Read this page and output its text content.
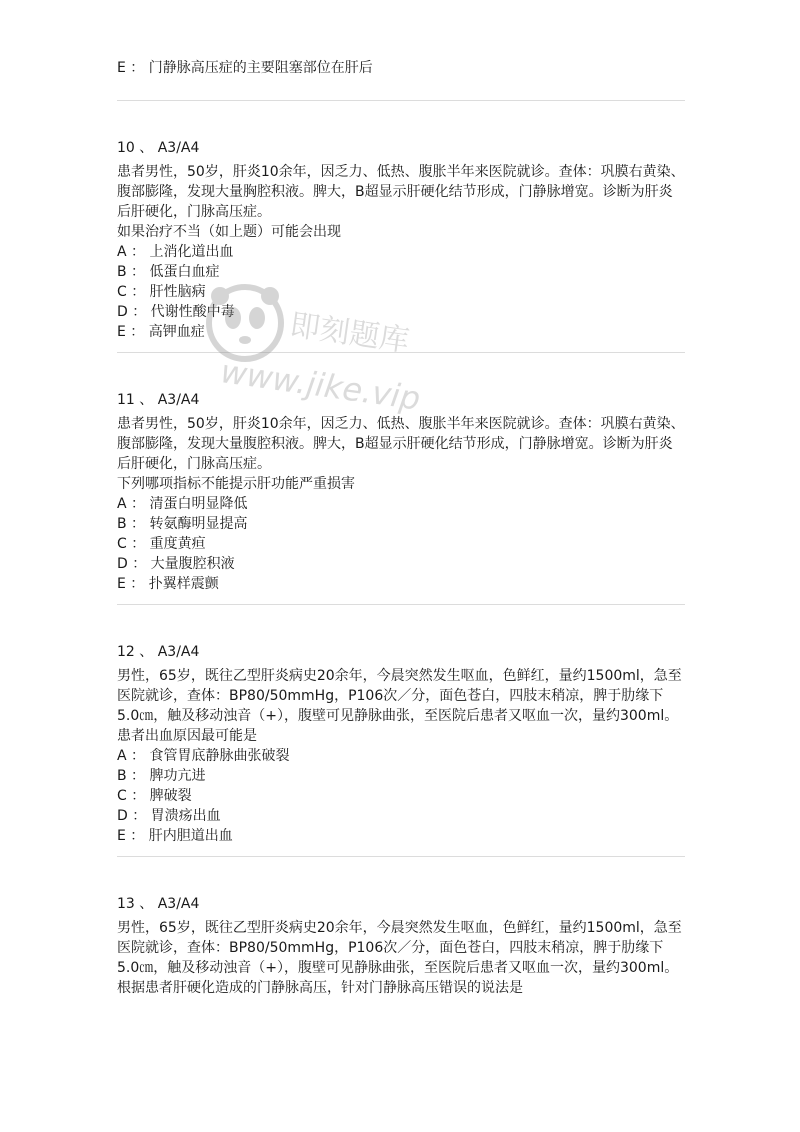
E ： 门静脉高压症的主要阻塞部位在肝后
10 、 A3/A4
患者男性，50岁，肝炎10余年，因乏力、低热、腹胀半年来医院就诊。查体：巩膜右黄染、腹部膨隆，发现大量胸腔积液。脾大，B超显示肝硬化结节形成，门静脉增宽。诊断为肝炎后肝硬化，门脉高压症。
如果治疗不当（如上题）可能会出现
A ： 上消化道出血
B ： 低蛋白血症
C ： 肝性脑病
D ： 代谢性酸中毒
E ： 高钾血症
11 、 A3/A4
患者男性，50岁，肝炎10余年，因乏力、低热、腹胀半年来医院就诊。查体：巩膜右黄染、腹部膨隆，发现大量腹腔积液。脾大，B超显示肝硬化结节形成，门静脉增宽。诊断为肝炎后肝硬化，门脉高压症。
下列哪项指标不能提示肝功能严重损害
A ： 清蛋白明显降低
B ： 转氨酶明显提高
C ： 重度黄疸
D ： 大量腹腔积液
E ： 扑翼样震颤
12 、 A3/A4
男性，65岁，既往乙型肝炎病史20余年，今晨突然发生呕血，色鲜红，量约1500ml，急至医院就诊，查体：BP80/50mmHg，P106次／分，面色苍白，四肢末稍凉，脾于肋缘下5.0㎝，触及移动浊音（+），腹壁可见静脉曲张，至医院后患者又呕血一次，量约300ml。
患者出血原因最可能是
A ： 食管胃底静脉曲张破裂
B ： 脾功亢进
C ： 脾破裂
D ： 胃溃疡出血
E ： 肝内胆道出血
13 、 A3/A4
男性，65岁，既往乙型肝炎病史20余年，今晨突然发生呕血，色鲜红，量约1500ml，急至医院就诊，查体：BP80/50mmHg，P106次／分，面色苍白，四肢末稍凉，脾于肋缘下5.0㎝，触及移动浊音（+），腹壁可见静脉曲张，至医院后患者又呕血一次，量约300ml。
根据患者肝硬化造成的门静脉高压，针对门静脉高压错误的说法是
即刻题库
www.jike.vip
